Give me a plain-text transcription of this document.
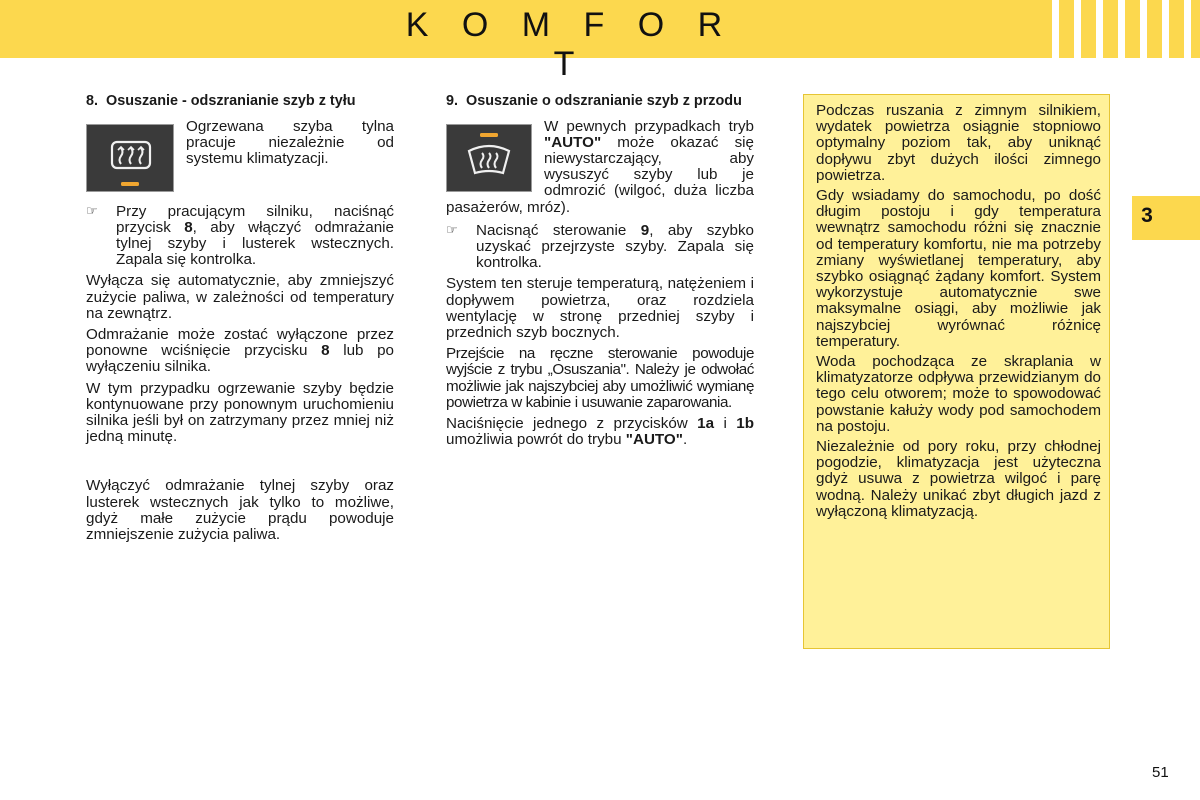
K O M F O R T
3
8. Osuszanie - odszranianie szyb z tyłu

Ogrzewana szyba tylna pracuje niezależnie od systemu klimatyzacji.

☞ Przy pracującym silniku, naciśnąć przycisk 8, aby włączyć odmrażanie tylnej szyby i lusterek wstecznych. Zapala się kontrolka.

Wyłącza się automatycznie, aby zmniejszyć zużycie paliwa, w zależności od temperatury na zewnątrz.

Odmrażanie może zostać wyłączone przez ponowne wciśnięcie przycisku 8 lub po wyłączeniu silnika.

W tym przypadku ogrzewanie szyby będzie kontynuowane przy ponownym uruchomieniu silnika jeśli był on zatrzymany przez mniej niż jedną minutę.

Wyłączyć odmrażanie tylnej szyby oraz lusterek wstecznych jak tylko to możliwe, gdyż małe zużycie prądu powoduje zmniejszenie zużycia paliwa.

9. Osuszanie o odszranianie szyb z przodu

W pewnych przypadkach tryb "AUTO" może okazać się niewystarczający, aby wysuszyć szyby lub je odmrozić (wilgoć, duża liczba pasażerów, mróz).

☞ Nacisnąć sterowanie 9, aby szybko uzyskać przejrzyste szyby. Zapala się kontrolka.

System ten steruje temperaturą, natężeniem i dopływem powietrza, oraz rozdziela wentylację w stronę przedniej szyby i przednich szyb bocznych.

Przejście na ręczne sterowanie powoduje wyjście z trybu „Osuszania". Należy je odwołać możliwie jak najszybciej aby umożliwić wymianę powietrza w kabinie i usuwanie zaparowania.

Naciśnięcie jednego z przycisków 1a i 1b umożliwia powrót do trybu "AUTO".

Podczas ruszania z zimnym silnikiem, wydatek powietrza osiągnie stopniowo optymalny poziom tak, aby uniknąć dopływu zbyt dużych ilości zimnego powietrza.

Gdy wsiadamy do samochodu, po dość długim postoju i gdy temperatura wewnątrz samochodu różni się znacznie od temperatury komfortu, nie ma potrzeby zmiany wyświetlanej temperatury, aby szybko osiągnąć żądany komfort. System wykorzystuje automatycznie swe maksymalne osiągi, aby możliwie jak najszybciej wyrównać różnicę temperatury.

Woda pochodząca ze skraplania w klimatyzatorze odpływa przewidzianym do tego celu otworem; może to spowodować powstanie kałuży wody pod samochodem na postoju.

Niezależnie od pory roku, przy chłodnej pogodzie, klimatyzacja jest użyteczna gdyż usuwa z powietrza wilgoć i parę wodną. Należy unikać zbyt długich jazd z wyłączoną klimatyzacją.

51
